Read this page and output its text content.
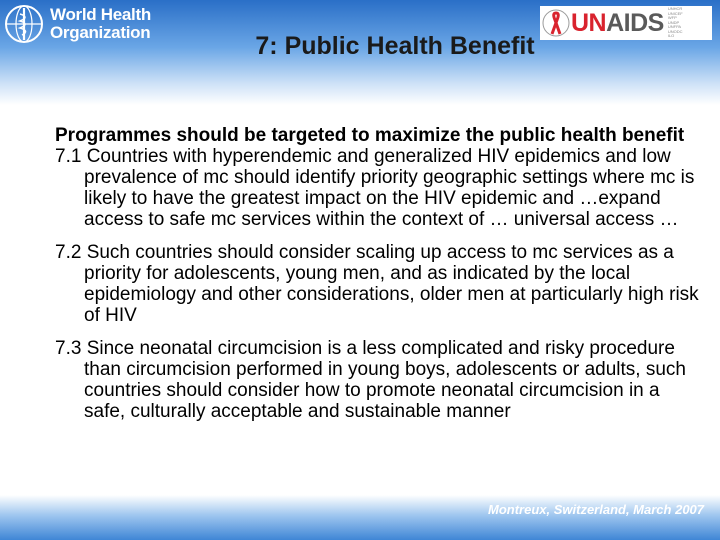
World Health
Organization	UNAIDS UNHCR
UNICEF
WFP
UNDP
UNFPA
UNODC
ILO
7: Public Health Benefit

Programmes should be targeted to maximize the public health benefit

7.1 Countries with hyperendemic and generalized HIV epidemics and low prevalence of mc should identify priority geographic settings where mc is likely to have the greatest impact on the HIV epidemic and …expand access to safe mc services within the context of … universal access …

7.2 Such countries should consider scaling up access to mc services as a priority for adolescents, young men, and as indicated by the local epidemiology and other considerations, older men at particularly high risk of HIV

7.3 Since neonatal circumcision is a less complicated and risky procedure than circumcision performed in young boys, adolescents or adults, such countries should consider how to promote neonatal circumcision in a safe, culturally acceptable and sustainable manner

Montreux, Switzerland, March 2007
